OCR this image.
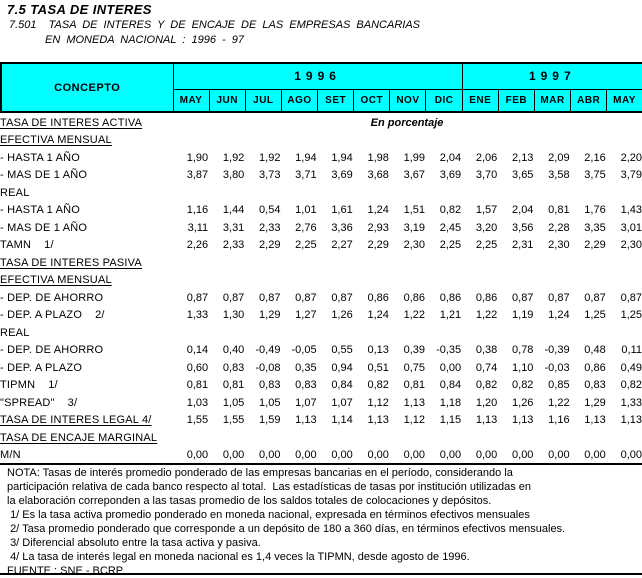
7.5 TASA DE INTERES
7.501  TASA DE INTERES Y DE ENCAJE DE LAS EMPRESAS BANCARIAS
EN MONEDA NACIONAL : 1996 - 97
CONCEPTO	1996								1997				
	MAY	JUN	JUL	AGO	SET	OCT	NOV	DIC	ENE	FEB	MAR	ABR	MAY
TASA DE INTERES ACTIVA	En porcentaje												
EFECTIVA MENSUAL													
- HASTA 1 AÑO	1,90	1,92	1,92	1,94	1,94	1,98	1,99	2,04	2,06	2,13	2,09	2,16	2,20
- MAS DE 1 AÑO	3,87	3,80	3,73	3,71	3,69	3,68	3,67	3,69	3,70	3,65	3,58	3,75	3,79
REAL													
- HASTA 1 AÑO	1,16	1,44	0,54	1,01	1,61	1,24	1,51	0,82	1,57	2,04	0,81	1,76	1,43
- MAS DE 1 AÑO	3,11	3,31	2,33	2,76	3,36	2,93	3,19	2,45	3,20	3,56	2,28	3,35	3,01
TAMN    1/	2,26	2,33	2,29	2,25	2,27	2,29	2,30	2,25	2,25	2,31	2,30	2,29	2,30
TASA DE INTERES PASIVA													
EFECTIVA MENSUAL													
- DEP. DE AHORRO	0,87	0,87	0,87	0,87	0,87	0,86	0,86	0,86	0,86	0,87	0,87	0,87	0,87
- DEP. A PLAZO    2/	1,33	1,30	1,29	1,27	1,26	1,24	1,22	1,21	1,22	1,19	1,24	1,25	1,25
REAL													
- DEP. DE AHORRO	0,14	0,40	-0,49	-0,05	0,55	0,13	0,39	-0,35	0,38	0,78	-0,39	0,48	0,11
- DEP. A PLAZO	0,60	0,83	-0,08	0,35	0,94	0,51	0,75	0,00	0,74	1,10	-0,03	0,86	0,49
TIPMN    1/	0,81	0,81	0,83	0,83	0,84	0,82	0,81	0,84	0,82	0,82	0,85	0,83	0,82
"SPREAD"    3/	1,03	1,05	1,05	1,07	1,07	1,12	1,13	1,18	1,20	1,26	1,22	1,29	1,33
TASA DE INTERES LEGAL 4/	1,55	1,55	1,59	1,13	1,14	1,13	1,12	1,15	1,13	1,13	1,16	1,13	1,13
TASA DE ENCAJE MARGINAL													
M/N	0,00	0,00	0,00	0,00	0,00	0,00	0,00	0,00	0,00	0,00	0,00	0,00	0,00
NOTA: Tasas de interés promedio ponderado de las empresas bancarias en el período, considerando la
participación relativa de cada banco respecto al total.  Las estadísticas de tasas por institución utilizadas en
la elaboración correponden a las tasas promedio de los saldos totales de colocaciones y depósitos.
1/ Es la tasa activa promedio ponderado en moneda nacional, expresada en términos efectivos mensuales
2/ Tasa promedio ponderado que corresponde a un depósito de 180 a 360 días, en términos efectivos mensuales.
3/ Diferencial absoluto entre la tasa activa y pasiva.
4/ La tasa de interés legal en moneda nacional es 1,4 veces la TIPMN, desde agosto de 1996.
FUENTE : SNE - BCRP
